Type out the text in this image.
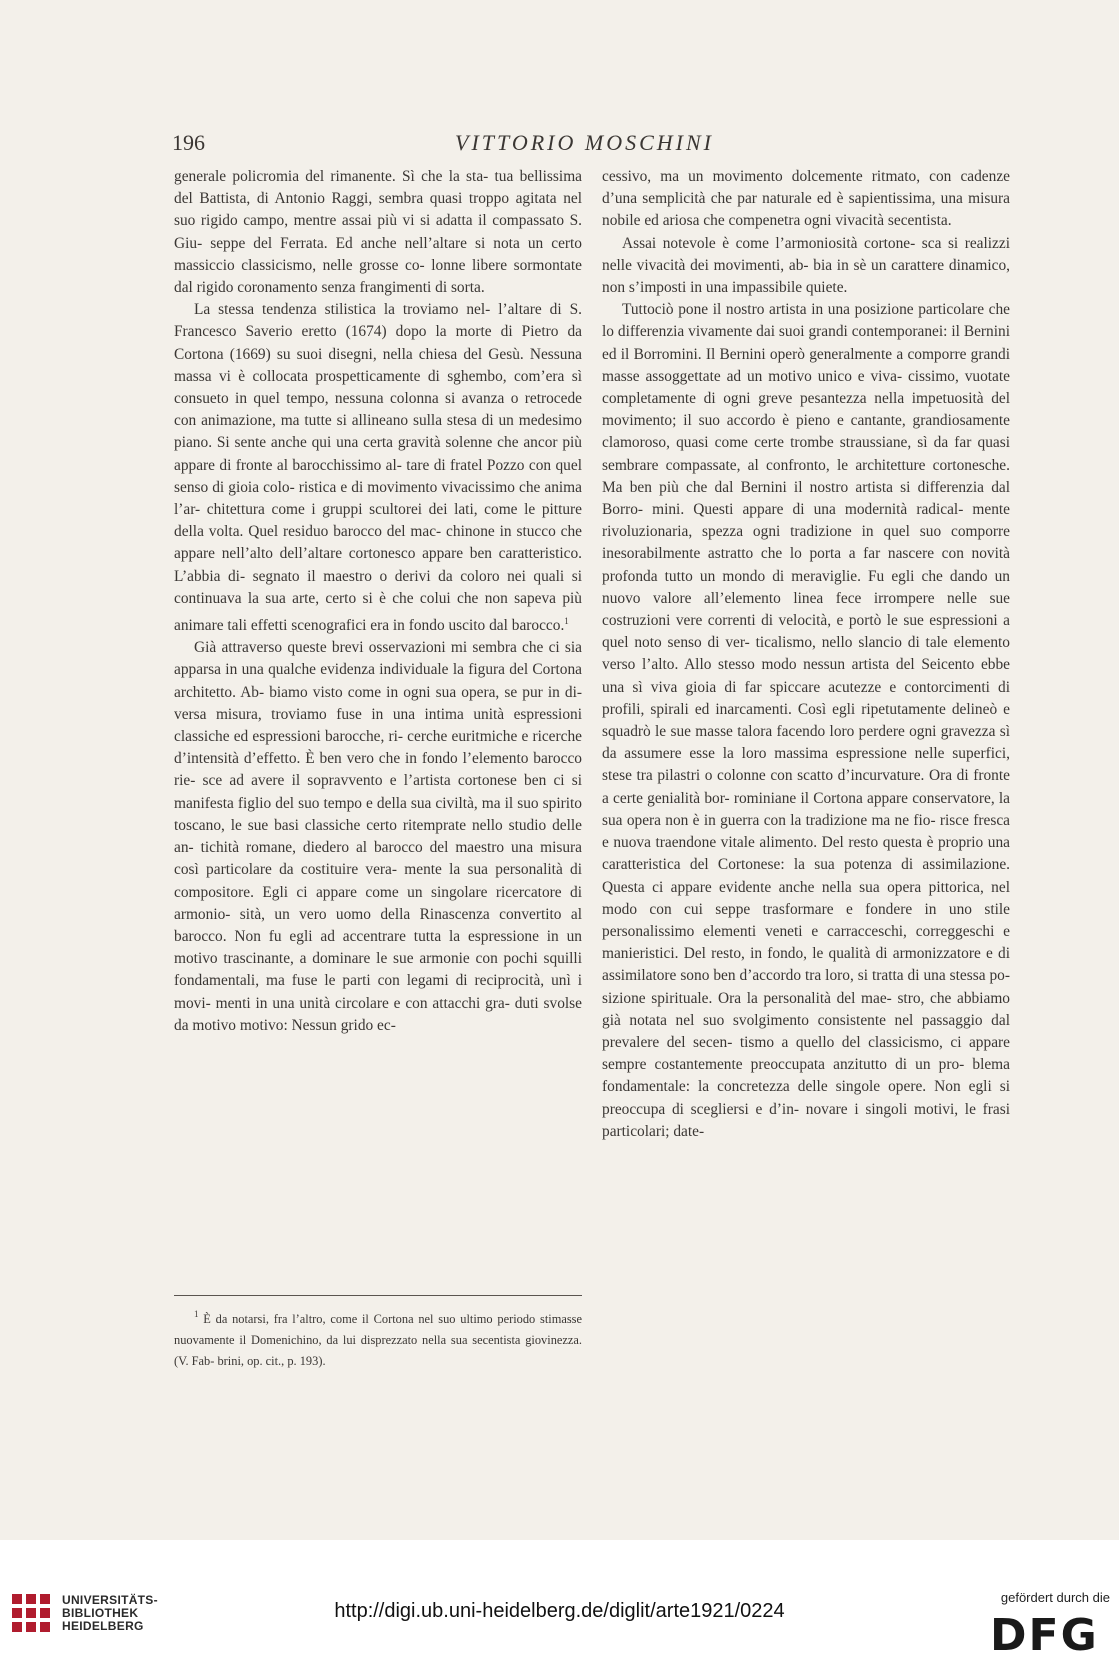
196	VITTORIO MOSCHINI

generale policromia del rimanente. Sì che la sta- tua bellissima del Battista, di Antonio Raggi, sembra quasi troppo agitata nel suo rigido campo, mentre assai più vi si adatta il compassato S. Giu- seppe del Ferrata. Ed anche nell’altare si nota un certo massiccio classicismo, nelle grosse co- lonne libere sormontate dal rigido coronamento senza frangimenti di sorta.

La stessa tendenza stilistica la troviamo nel- l’altare di S. Francesco Saverio eretto (1674) dopo la morte di Pietro da Cortona (1669) su suoi disegni, nella chiesa del Gesù. Nessuna massa vi è collocata prospetticamente di sghembo, com’era sì consueto in quel tempo, nessuna colonna si avanza o retrocede con animazione, ma tutte si allineano sulla stesa di un medesimo piano. Si sente anche qui una certa gravità solenne che ancor più appare di fronte al barocchissimo al- tare di fratel Pozzo con quel senso di gioia colo- ristica e di movimento vivacissimo che anima l’ar- chitettura come i gruppi scultorei dei lati, come le pitture della volta. Quel residuo barocco del mac- chinone in stucco che appare nell’alto dell’altare cortonesco appare ben caratteristico. L’abbia di- segnato il maestro o derivi da coloro nei quali si continuava la sua arte, certo si è che colui che non sapeva più animare tali effetti scenografici era in fondo uscito dal barocco.$^1$

Già attraverso queste brevi osservazioni mi sembra che ci sia apparsa in una qualche evidenza individuale la figura del Cortona architetto. Ab- biamo visto come in ogni sua opera, se pur in di- versa misura, troviamo fuse in una intima unità espressioni classiche ed espressioni barocche, ri- cerche euritmiche e ricerche d’intensità d’effetto. È ben vero che in fondo l’elemento barocco rie- sce ad avere il sopravvento e l’artista cortonese ben ci si manifesta figlio del suo tempo e della sua civiltà, ma il suo spirito toscano, le sue basi classiche certo ritemprate nello studio delle an- tichità romane, diedero al barocco del maestro una misura così particolare da costituire vera- mente la sua personalità di compositore. Egli ci appare come un singolare ricercatore di armonio- sità, un vero uomo della Rinascenza convertito al barocco. Non fu egli ad accentrare tutta la espressione in un motivo trascinante, a dominare le sue armonie con pochi squilli fondamentali, ma fuse le parti con legami di reciprocità, unì i movi- menti in una unità circolare e con attacchi gra- duti svolse da motivo motivo: Nessun grido ec-

$^1$ È da notarsi, fra l’altro, come il Cortona nel suo ultimo periodo stimasse nuovamente il Domenichino, da lui disprezzato nella sua secentista giovinezza. (V. Fab- brini, op. cit., p. 193).

cessivo, ma un movimento dolcemente ritmato, con cadenze d’una semplicità che par naturale ed è sapientissima, una misura nobile ed ariosa che compenetra ogni vivacità secentista.

Assai notevole è come l’armoniosità cortone- sca si realizzi nelle vivacità dei movimenti, ab- bia in sè un carattere dinamico, non s’imposti in una impassibile quiete.

Tuttociò pone il nostro artista in una posizione particolare che lo differenzia vivamente dai suoi grandi contemporanei: il Bernini ed il Borromini. Il Bernini operò generalmente a comporre grandi masse assoggettate ad un motivo unico e viva- cissimo, vuotate completamente di ogni greve pesantezza nella impetuosità del movimento; il suo accordo è pieno e cantante, grandiosamente clamoroso, quasi come certe trombe straussiane, sì da far quasi sembrare compassate, al confronto, le architetture cortonesche. Ma ben più che dal Bernini il nostro artista si differenzia dal Borro- mini. Questi appare di una modernità radical- mente rivoluzionaria, spezza ogni tradizione in quel suo comporre inesorabilmente astratto che lo porta a far nascere con novità profonda tutto un mondo di meraviglie. Fu egli che dando un nuovo valore all’elemento linea fece irrompere nelle sue costruzioni vere correnti di velocità, e portò le sue espressioni a quel noto senso di ver- ticalismo, nello slancio di tale elemento verso l’alto. Allo stesso modo nessun artista del Seicento ebbe una sì viva gioia di far spiccare acutezze e contorcimenti di profili, spirali ed inarcamenti. Così egli ripetutamente delineò e squadrò le sue masse talora facendo loro perdere ogni gravezza sì da assumere esse la loro massima espressione nelle superfici, stese tra pilastri o colonne con scatto d’incurvature. Ora di fronte a certe genialità bor- rominiane il Cortona appare conservatore, la sua opera non è in guerra con la tradizione ma ne fio- risce fresca e nuova traendone vitale alimento. Del resto questa è proprio una caratteristica del Cortonese: la sua potenza di assimilazione. Questa ci appare evidente anche nella sua opera pittorica, nel modo con cui seppe trasformare e fondere in uno stile personalissimo elementi veneti e carracceschi, correggeschi e manieristici. Del resto, in fondo, le qualità di armonizzatore e di assimilatore sono ben d’accordo tra loro, si tratta di una stessa po- sizione spirituale. Ora la personalità del mae- stro, che abbiamo già notata nel suo svolgimento consistente nel passaggio dal prevalere del secen- tismo a quello del classicismo, ci appare sempre costantemente preoccupata anzitutto di un pro- blema fondamentale: la concretezza delle singole opere. Non egli si preoccupa di scegliersi e d’in- novare i singoli motivi, le frasi particolari; date-

UNIVERSITÄTS-
BIBLIOTHEK
HEIDELBERG
http://digi.ub.uni-heidelberg.de/diglit/arte1921/0224
gefördert durch die
DFG
